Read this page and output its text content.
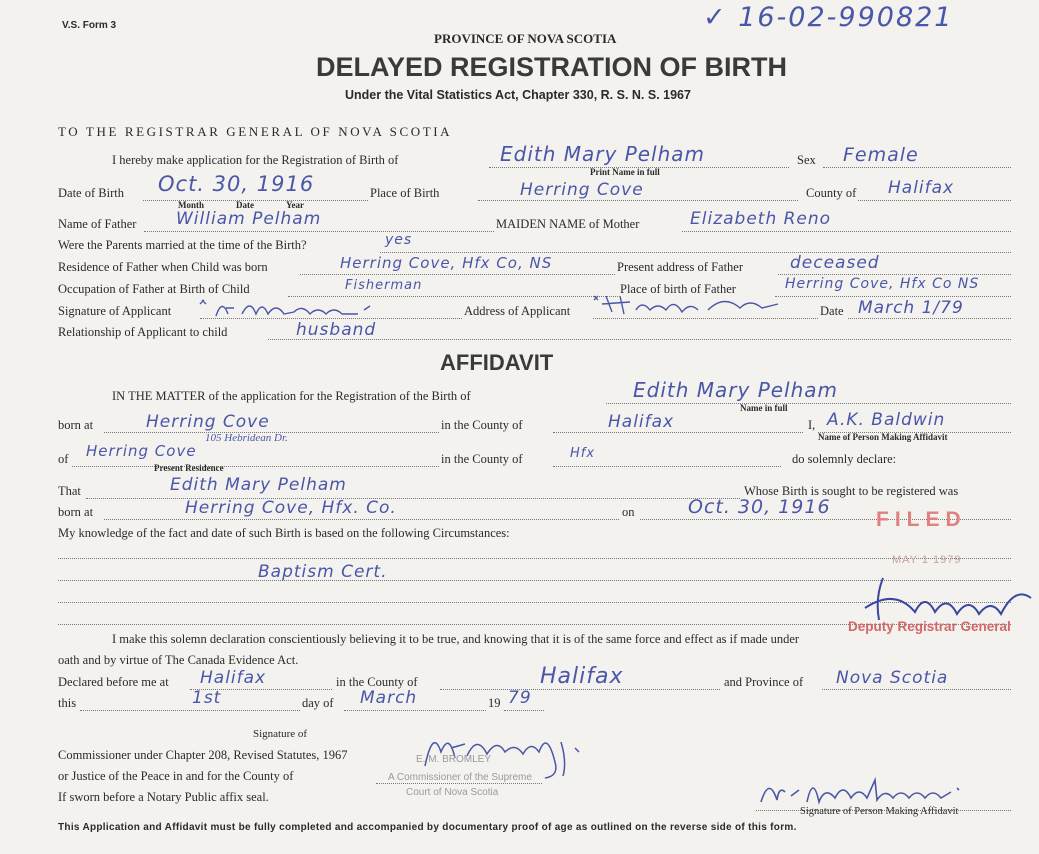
V.S. Form 3	✓ 16-02-990821
PROVINCE OF NOVA SCOTIA
DELAYED REGISTRATION OF BIRTH
Under the Vital Statistics Act, Chapter 330, R. S. N. S. 1967
TO THE REGISTRAR GENERAL OF NOVA SCOTIA
I hereby make application for the Registration of Birth of	Edith Mary Pelham
Print Name in full
Sex Female
Date of Birth Oct. 30, 1916
Month	Date	Year
Place of Birth	Herring Cove	County of Halifax
Name of Father William Pelham	MAIDEN NAME of Mother	Elizabeth Reno
Were the Parents married at the time of the Birth?	yes
Residence of Father when Child was born	Herring Cove, Hfx Co, NS	Present address of Father	deceased
Occupation of Father at Birth of Child	Fisherman	Place of birth of Father	Herring Cove, Hfx Co NS
Signature of Applicant	Address of Applicant	Date March 1/79
Relationship of Applicant to child	husband
AFFIDAVIT
IN THE MATTER of the application for the Registration of the Birth of	Edith Mary Pelham
Name in full
born at	Herring Cove
105 Hebridean Dr.
in the County of	Halifax	I, A.K. Baldwin
Name of Person Making Affidavit
of Herring Cove
Present Residence
in the County of	Hfx	do solemnly declare:
That	Edith Mary Pelham	Whose Birth is sought to be registered was
born at	Herring Cove, Hfx. Co.	on	Oct. 30, 1916
My knowledge of the fact and date of such Birth is based on the following Circumstances:
Baptism Cert.
I make this solemn declaration conscientiously believing it to be true, and knowing that it is of the same force and effect as if made under
oath and by virtue of The Canada Evidence Act.
Declared before me at Halifax	in the County of	Halifax	and Province of Nova Scotia
this	1st	day of March	19 79
Signature of
Commissioner under Chapter 208, Revised Statutes, 1967
or Justice of the Peace in and for the County of
If sworn before a Notary Public affix seal.
E. M. BROMLEY
A Commissioner of the Supreme
Court of Nova Scotia
Signature of Person Making Affidavit
FILED
MAY 1 1979
Deputy Registrar General
This Application and Affidavit must be fully completed and accompanied by documentary proof of age as outlined on the reverse side of this form.
